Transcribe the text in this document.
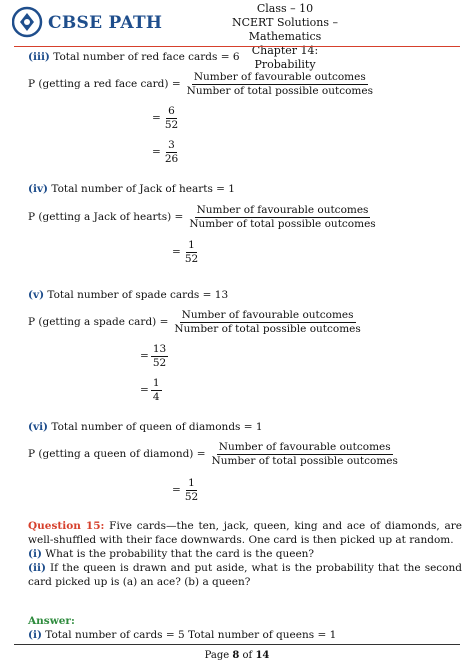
CBSE PATH
Class – 10
NCERT Solutions – Mathematics
Chapter 14: Probability
(iii) Total number of red face cards = 6
P (getting a red face card) = $\frac{\text{Number of favourable outcomes}}{\text{Number of total possible outcomes}}$
= $\frac{6}{52}$
= $\frac{3}{26}$
(iv) Total number of Jack of hearts = 1
P (getting a Jack of hearts) = $\frac{\text{Number of favourable outcomes}}{\text{Number of total possible outcomes}}$
= $\frac{1}{52}$
(v) Total number of spade cards = 13
P (getting a spade card) = $\frac{\text{Number of favourable outcomes}}{\text{Number of total possible outcomes}}$
= $\frac{13}{52}$
= $\frac{1}{4}$
(vi) Total number of queen of diamonds = 1
P (getting a queen of diamond) = $\frac{\text{Number of favourable outcomes}}{\text{Number of total possible outcomes}}$
= $\frac{1}{52}$
Question 15: Five cards—the ten, jack, queen, king and ace of diamonds, are well-shuffled with their face downwards. One card is then picked up at random.
(i) What is the probability that the card is the queen?
(ii) If the queen is drawn and put aside, what is the probability that the second card picked up is (a) an ace? (b) a queen?
Answer:
(i) Total number of cards = 5 Total number of queens = 1
Page 8 of 14
